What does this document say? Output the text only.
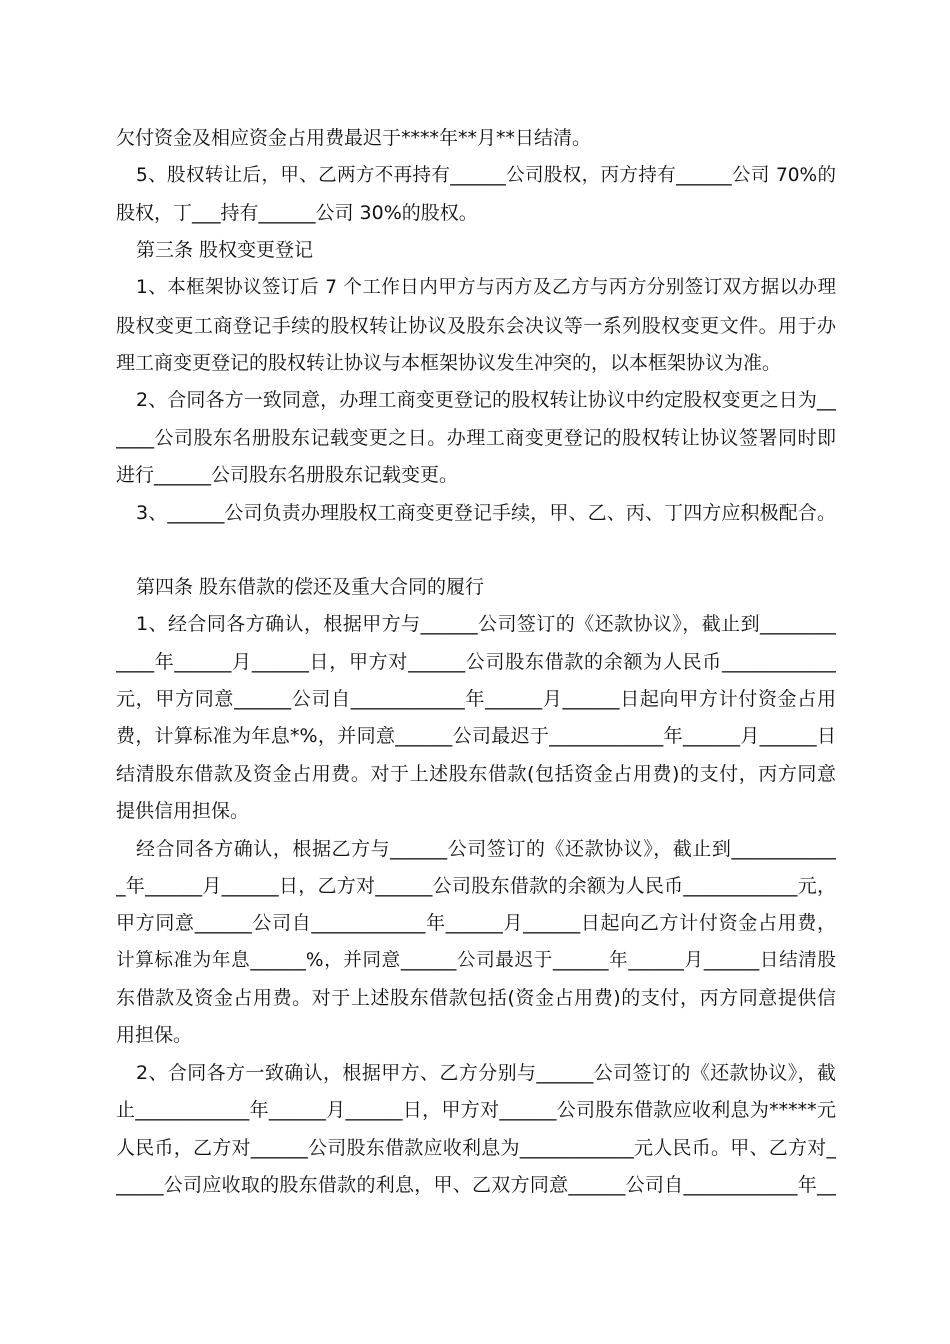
欠付资金及相应资金占用费最迟于****年**月**日结清。
5、股权转让后，甲、乙两方不再持有______公司股权，丙方持有______公司 70%的
股权，丁___持有______公司 30%的股权。
第三条 股权变更登记
1、本框架协议签订后 7 个工作日内甲方与丙方及乙方与丙方分别签订双方据以办理
股权变更工商登记手续的股权转让协议及股东会决议等一系列股权变更文件。用于办
理工商变更登记的股权转让协议与本框架协议发生冲突的，以本框架协议为准。
2、合同各方一致同意，办理工商变更登记的股权转让协议中约定股权变更之日为__
____公司股东名册股东记载变更之日。办理工商变更登记的股权转让协议签署同时即
进行______公司股东名册股东记载变更。
3、______公司负责办理股权工商变更登记手续，甲、乙、丙、丁四方应积极配合。
第四条 股东借款的偿还及重大合同的履行
1、经合同各方确认，根据甲方与______公司签订的《还款协议》，截止到________
____年______月______日，甲方对______公司股东借款的余额为人民币____________
元，甲方同意______公司自____________年______月______日起向甲方计付资金占用
费，计算标准为年息*%，并同意______公司最迟于____________年______月______日
结清股东借款及资金占用费。对于上述股东借款(包括资金占用费)的支付，丙方同意
提供信用担保。
经合同各方确认，根据乙方与______公司签订的《还款协议》，截止到___________
_年______月______日，乙方对______公司股东借款的余额为人民币____________元，
甲方同意______公司自____________年______月______日起向乙方计付资金占用费，
计算标准为年息______%，并同意______公司最迟于______年______月______日结清股
东借款及资金占用费。对于上述股东借款包括(资金占用费)的支付，丙方同意提供信
用担保。
2、合同各方一致确认，根据甲方、乙方分别与______公司签订的《还款协议》，截
止____________年______月______日，甲方对______公司股东借款应收利息为*****元
人民币，乙方对______公司股东借款应收利息为____________元人民币。甲、乙方对_
_____公司应收取的股东借款的利息，甲、乙双方同意______公司自____________年__
